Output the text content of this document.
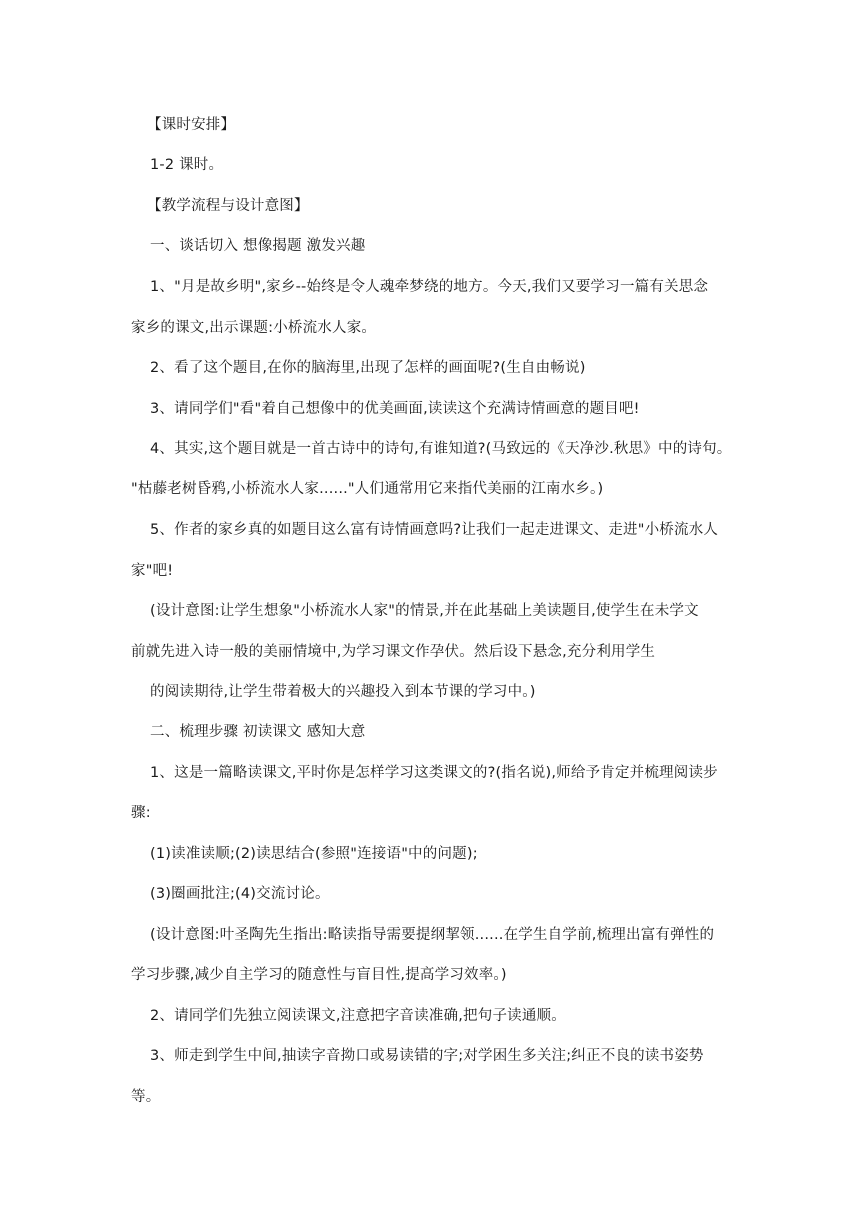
【课时安排】
1-2 课时。
【教学流程与设计意图】
一、谈话切入 想像揭题 激发兴趣
1、"月是故乡明",家乡--始终是令人魂牵梦绕的地方。今天,我们又要学习一篇有关思念
家乡的课文,出示课题:小桥流水人家。
2、看了这个题目,在你的脑海里,出现了怎样的画面呢?(生自由畅说)
3、请同学们"看"着自己想像中的优美画面,读读这个充满诗情画意的题目吧!
4、其实,这个题目就是一首古诗中的诗句,有谁知道?(马致远的《天净沙.秋思》中的诗句。
"枯藤老树昏鸦,小桥流水人家......"人们通常用它来指代美丽的江南水乡。)
5、作者的家乡真的如题目这么富有诗情画意吗?让我们一起走进课文、走进"小桥流水人
家"吧!
(设计意图:让学生想象"小桥流水人家"的情景,并在此基础上美读题目,使学生在未学文
前就先进入诗一般的美丽情境中,为学习课文作孕伏。然后设下悬念,充分利用学生
的阅读期待,让学生带着极大的兴趣投入到本节课的学习中。)
二、梳理步骤 初读课文 感知大意
1、这是一篇略读课文,平时你是怎样学习这类课文的?(指名说),师给予肯定并梳理阅读步
骤:
(1)读准读顺;(2)读思结合(参照"连接语"中的问题);
(3)圈画批注;(4)交流讨论。
(设计意图:叶圣陶先生指出:略读指导需要提纲挈领......在学生自学前,梳理出富有弹性的
学习步骤,减少自主学习的随意性与盲目性,提高学习效率。)
2、请同学们先独立阅读课文,注意把字音读准确,把句子读通顺。
3、师走到学生中间,抽读字音拗口或易读错的字;对学困生多关注;纠正不良的读书姿势
等。
